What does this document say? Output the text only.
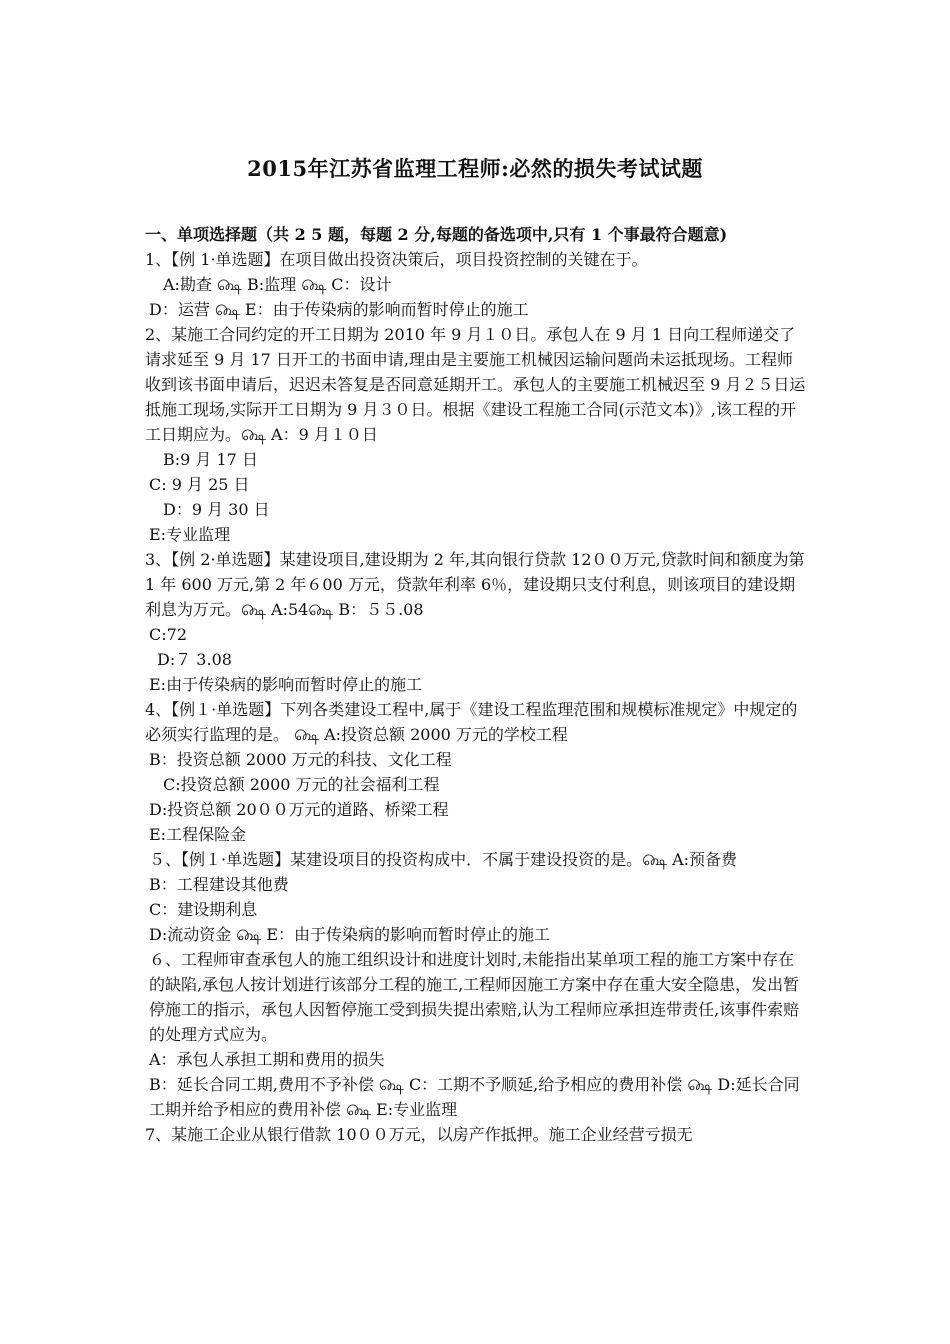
2015年江苏省监理工程师:必然的损失考试试题

一、单项选择题（共 2 5 题，每题 2 分,每题的备选项中,只有 1 个事最符合题意)

1、【例 1·单选题】在项目做出投资决策后，项目投资控制的关键在于。

A:勘查 ௸ B:监理 ௸ C：设计

D：运营 ௸ E：由于传染病的影响而暂时停止的施工

2、某施工合同约定的开工日期为 2010 年 9 月１０日。承包人在 9 月 1 日向工程师递交了请求延至 9 月 17 日开工的书面申请,理由是主要施工机械因运输问题尚未运抵现场。工程师收到该书面申请后，迟迟未答复是否同意延期开工。承包人的主要施工机械迟至 9 月２５日运抵施工现场,实际开工日期为 9 月３０日。根据《建设工程施工合同(示范文本)》,该工程的开工日期应为。௸ A：9 月１０日

B:9 月 17 日

C: 9 月 25 日

D：9 月 30 日

E:专业监理

3、【例 2·单选题】某建设项目,建设期为 2 年,其向银行贷款 12００万元,贷款时间和额度为第 1 年 600 万元,第 2 年６00 万元，贷款年利率 6％，建设期只支付利息，则该项目的建设期利息为万元。௸ A:54௸ B：５５.08

C:72

D:７ 3.08

E:由于传染病的影响而暂时停止的施工

4、【例１·单选题】下列各类建设工程中,属于《建设工程监理范围和规模标准规定》中规定的必须实行监理的是。 ௸ A:投资总额 2000 万元的学校工程

B：投资总额 2000 万元的科技、文化工程

C:投资总额 2000 万元的社会福利工程

D:投资总额 20００万元的道路、桥梁工程

E:工程保险金

５、【例１·单选题】某建设项目的投资构成中．不属于建设投资的是。௸ A:预备费

B：工程建设其他费

C：建设期利息

D:流动资金 ௸ E：由于传染病的影响而暂时停止的施工

６、工程师审查承包人的施工组织设计和进度计划时,未能指出某单项工程的施工方案中存在的缺陷,承包人按计划进行该部分工程的施工,工程师因施工方案中存在重大安全隐患，发出暂停施工的指示，承包人因暂停施工受到损失提出索赔,认为工程师应承担连带责任,该事件索赔的处理方式应为。

A：承包人承担工期和费用的损失

B：延长合同工期,费用不予补偿 ௸ C：工期不予顺延,给予相应的费用补偿 ௸ D:延长合同工期并给予相应的费用补偿 ௸ E:专业监理

7、某施工企业从银行借款 10００万元，以房产作抵押。施工企业经营亏损无
